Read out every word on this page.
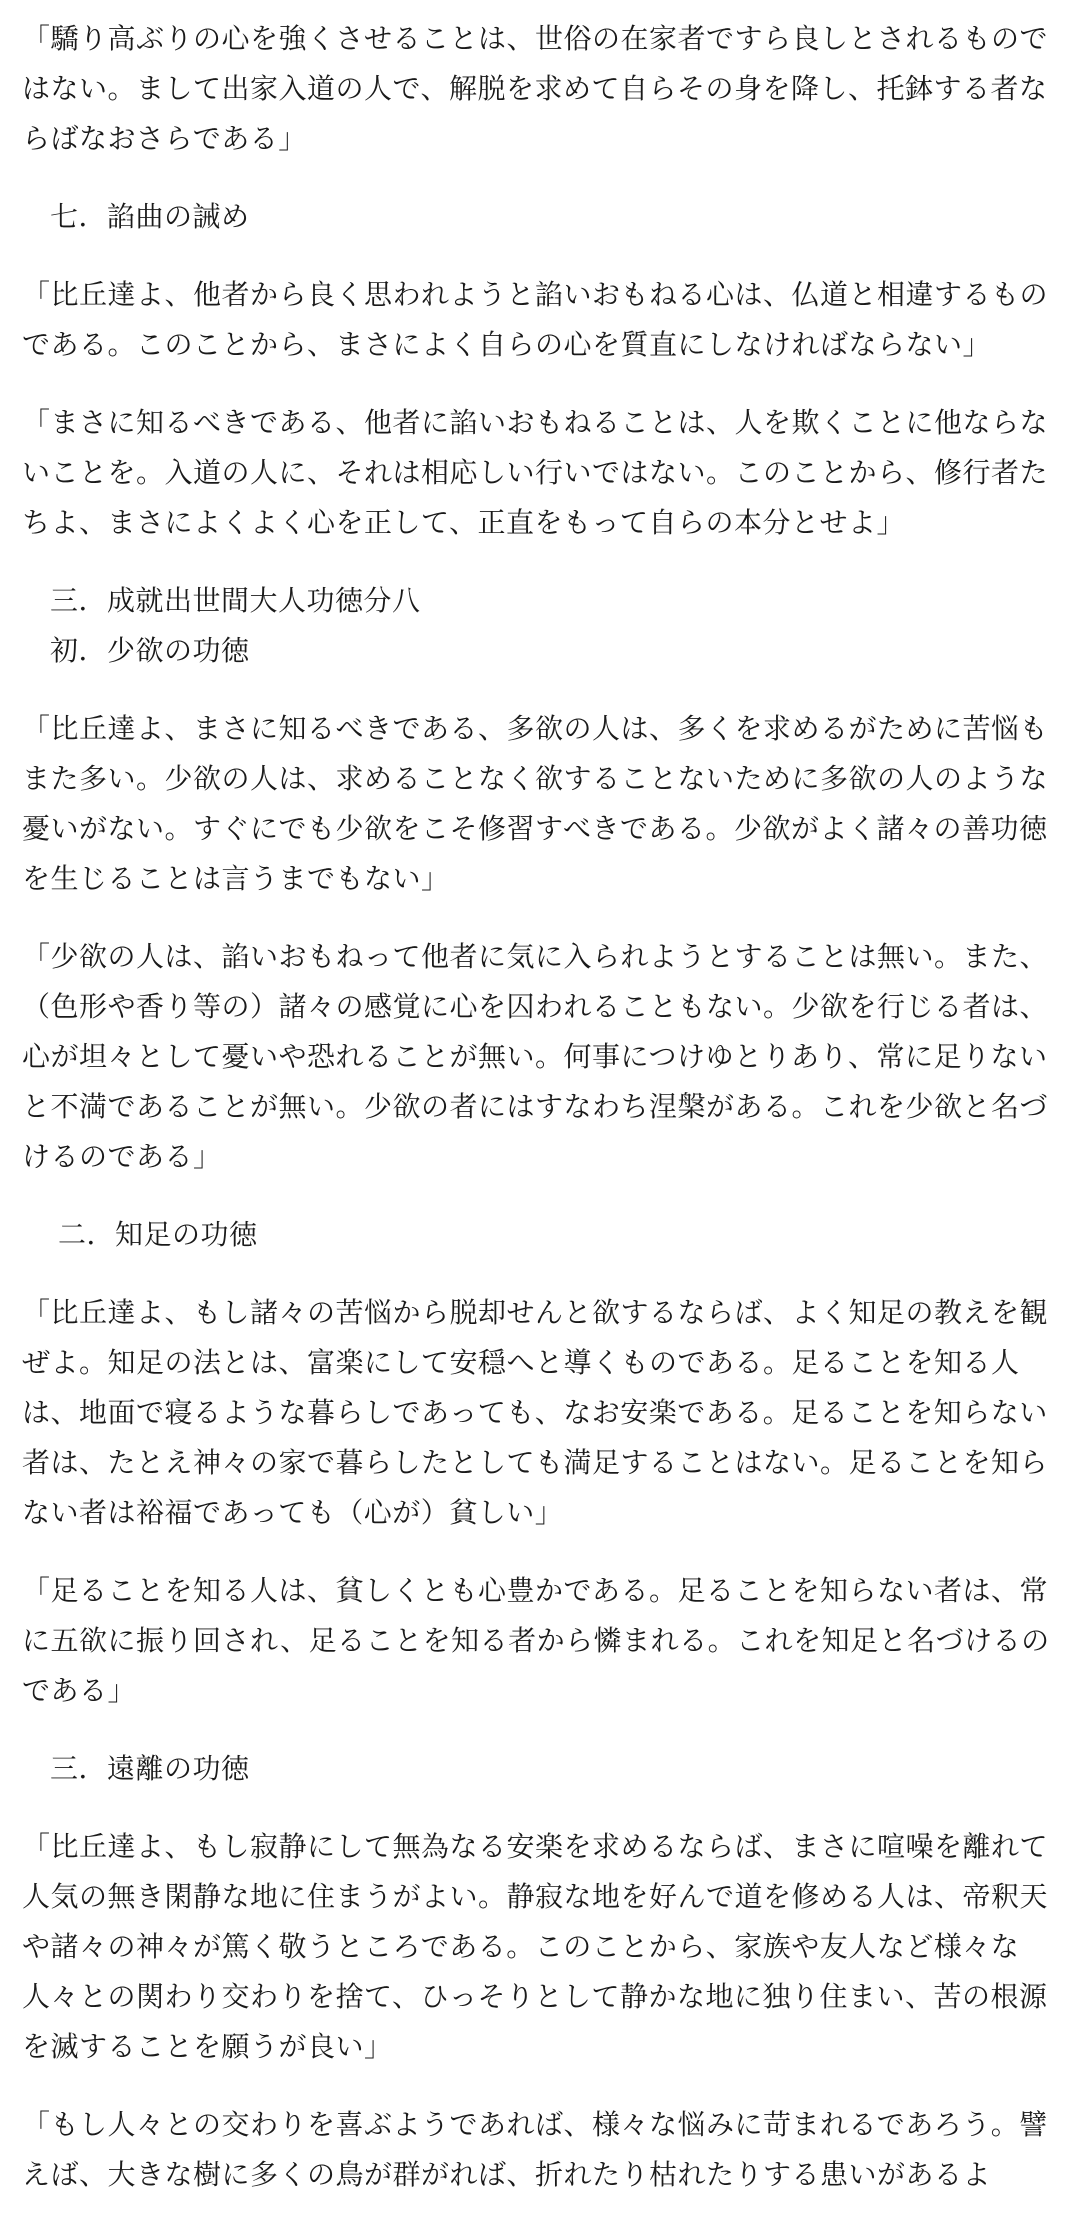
「驕り高ぶりの心を強くさせることは、世俗の在家者ですら良しとされるものではない。まして出家入道の人で、解脱を求めて自らその身を降し、托鉢する者ならばなおさらである」

七．諂曲の誡め

「比丘達よ、他者から良く思われようと諂いおもねる心は、仏道と相違するものである。このことから、まさによく自らの心を質直にしなければならない」

「まさに知るべきである、他者に諂いおもねることは、人を欺くことに他ならないことを。入道の人に、それは相応しい行いではない。このことから、修行者たちよ、まさによくよく心を正して、正直をもって自らの本分とせよ」

三．成就出世間大人功徳分八
初．少欲の功徳

「比丘達よ、まさに知るべきである、多欲の人は、多くを求めるがために苦悩もまた多い。少欲の人は、求めることなく欲することないために多欲の人のような憂いがない。すぐにでも少欲をこそ修習すべきである。少欲がよく諸々の善功徳を生じることは言うまでもない」

「少欲の人は、諂いおもねって他者に気に入られようとすることは無い。また、（色形や香り等の）諸々の感覚に心を囚われることもない。少欲を行じる者は、心が坦々として憂いや恐れることが無い。何事につけゆとりあり、常に足りないと不満であることが無い。少欲の者にはすなわち涅槃がある。これを少欲と名づけるのである」

二．知足の功徳

「比丘達よ、もし諸々の苦悩から脱却せんと欲するならば、よく知足の教えを観ぜよ。知足の法とは、富楽にして安穏へと導くものである。足ることを知る人は、地面で寝るような暮らしであっても、なお安楽である。足ることを知らない者は、たとえ神々の家で暮らしたとしても満足することはない。足ることを知らない者は裕福であっても（心が）貧しい」

「足ることを知る人は、貧しくとも心豊かである。足ることを知らない者は、常に五欲に振り回され、足ることを知る者から憐まれる。これを知足と名づけるのである」

三．遠離の功徳

「比丘達よ、もし寂静にして無為なる安楽を求めるならば、まさに喧噪を離れて人気の無き閑静な地に住まうがよい。静寂な地を好んで道を修める人は、帝釈天や諸々の神々が篤く敬うところである。このことから、家族や友人など様々な人々との関わり交わりを捨て、ひっそりとして静かな地に独り住まい、苦の根源を滅することを願うが良い」

「もし人々との交わりを喜ぶようであれば、様々な悩みに苛まれるであろう。譬えば、大きな樹に多くの鳥が群がれば、折れたり枯れたりする患いがあるよ
